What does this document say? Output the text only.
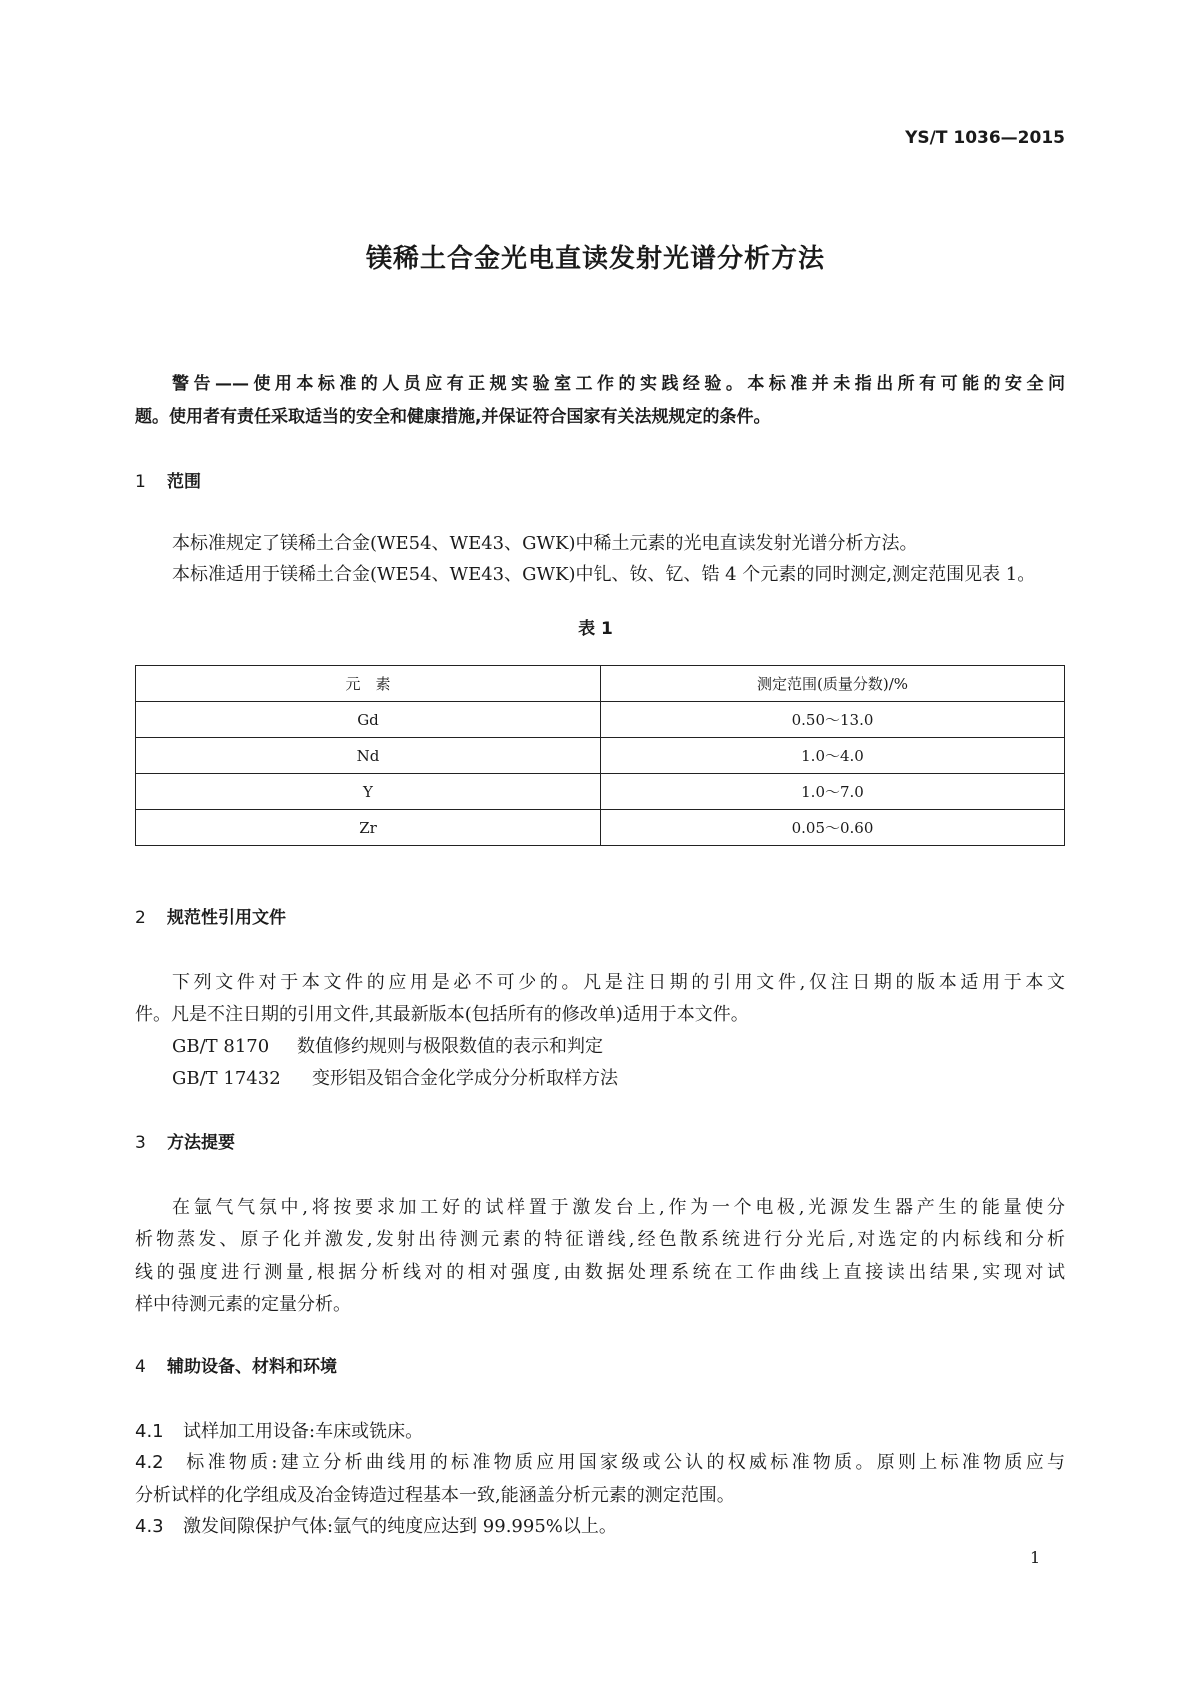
YS/T 1036—2015
镁稀土合金光电直读发射光谱分析方法
警告——使用本标准的人员应有正规实验室工作的实践经验。本标准并未指出所有可能的安全问
题。使用者有责任采取适当的安全和健康措施,并保证符合国家有关法规规定的条件。
1 范围
本标准规定了镁稀土合金(WE54、WE43、GWK)中稀土元素的光电直读发射光谱分析方法。
本标准适用于镁稀土合金(WE54、WE43、GWK)中钆、钕、钇、锆 4 个元素的同时测定,测定范围见表 1。
表 1
元　素	测定范围(质量分数)/%
Gd	0.50～13.0
Nd	1.0～4.0
Y	1.0～7.0
Zr	0.05～0.60
2 规范性引用文件
下列文件对于本文件的应用是必不可少的。凡是注日期的引用文件,仅注日期的版本适用于本文
件。凡是不注日期的引用文件,其最新版本(包括所有的修改单)适用于本文件。
GB/T 8170 数值修约规则与极限数值的表示和判定
GB/T 17432 变形铝及铝合金化学成分分析取样方法
3 方法提要
在氩气气氛中,将按要求加工好的试样置于激发台上,作为一个电极,光源发生器产生的能量使分
析物蒸发、原子化并激发,发射出待测元素的特征谱线,经色散系统进行分光后,对选定的内标线和分析
线的强度进行测量,根据分析线对的相对强度,由数据处理系统在工作曲线上直接读出结果,实现对试
样中待测元素的定量分析。
4 辅助设备、材料和环境
4.1 试样加工用设备:车床或铣床。
4.2 标准物质:建立分析曲线用的标准物质应用国家级或公认的权威标准物质。原则上标准物质应与
分析试样的化学组成及冶金铸造过程基本一致,能涵盖分析元素的测定范围。
4.3 激发间隙保护气体:氩气的纯度应达到 99.995%以上。
1
